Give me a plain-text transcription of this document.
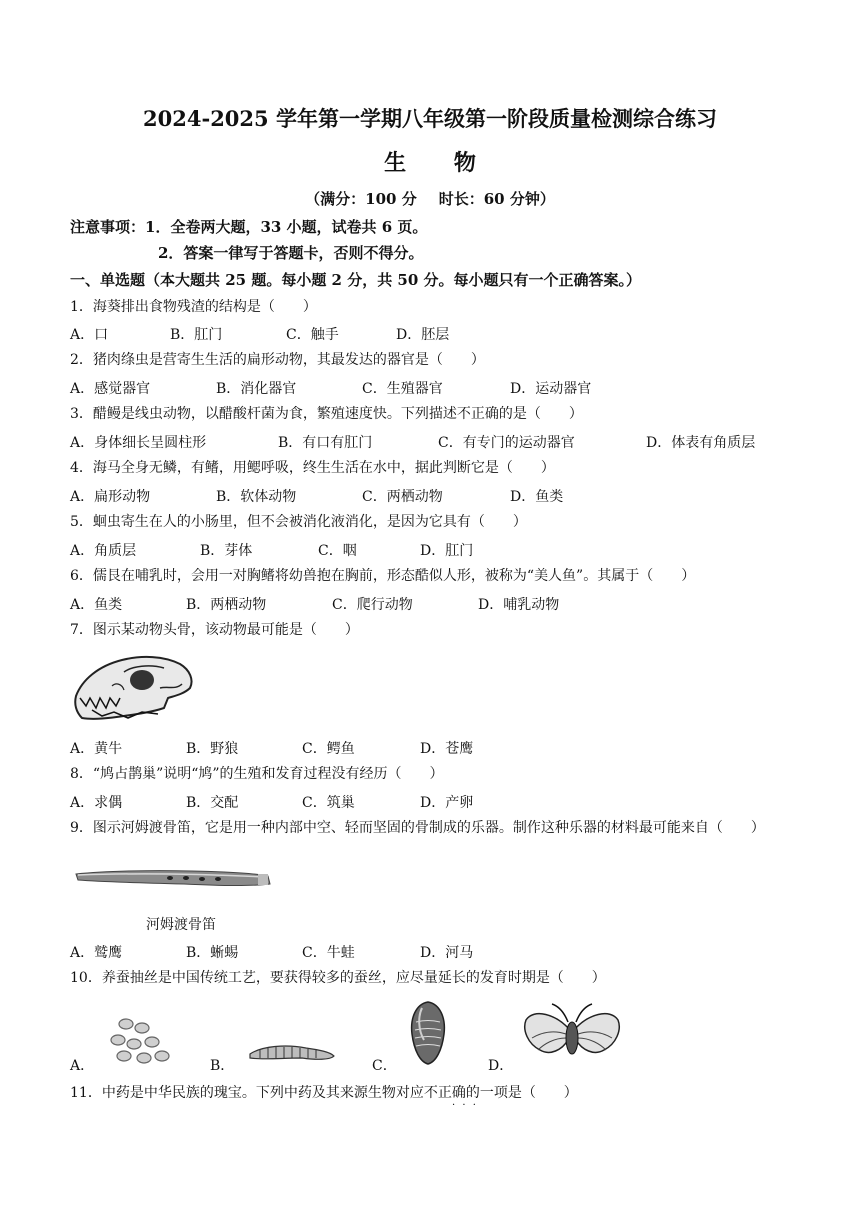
2024-2025 学年第一学期八年级第一阶段质量检测综合练习
生 物
（满分：100 分 时长：60 分钟）
注意事项：1．全卷两大题，33 小题，试卷共 6 页。
2．答案一律写于答题卡，否则不得分。
一、单选题（本大题共 25 题。每小题 2 分，共 50 分。每小题只有一个正确答案。）
1．海葵排出食物残渣的结构是（　　）
A．口	B．肛门	C．触手	D．胚层
2．猪肉绦虫是营寄生生活的扁形动物，其最发达的器官是（　　）
A．感觉器官	B．消化器官	C．生殖器官	D．运动器官
3．醋鳗是线虫动物，以醋酸杆菌为食，繁殖速度快。下列描述不正确的是（　　）
A．身体细长呈圆柱形	B．有口有肛门	C．有专门的运动器官	D．体表有角质层
4．海马全身无鳞，有鳍，用鳃呼吸，终生生活在水中，据此判断它是（　　）
A．扁形动物	B．软体动物	C．两栖动物	D．鱼类
5．蛔虫寄生在人的小肠里，但不会被消化液消化，是因为它具有（　　）
A．角质层	B．芽体	C．咽	D．肛门
6．儒艮在哺乳时，会用一对胸鳍将幼兽抱在胸前，形态酷似人形，被称为“美人鱼”。其属于（　　）
A．鱼类	B．两栖动物	C．爬行动物	D．哺乳动物
7．图示某动物头骨，该动物最可能是（　　）
A．黄牛	B．野狼	C．鳄鱼	D．苍鹰
8．“鸠占鹊巢”说明“鸠”的生殖和发育过程没有经历（　　）
A．求偶	B．交配	C．筑巢	D．产卵
9．图示河姆渡骨笛，它是用一种内部中空、轻而坚固的骨制成的乐器。制作这种乐器的材料最可能来自（　　）
河姆渡骨笛
A．鹫鹰	B．蜥蜴	C．牛蛙	D．河马
10．养蚕抽丝是中国传统工艺，要获得较多的蚕丝，应尽量延长的发育时期是（　　）
A．	B．	C．	D．
11．中药是中华民族的瑰宝。下列中药及其来源生物对应不正确的一项是（　　）
· · ·
